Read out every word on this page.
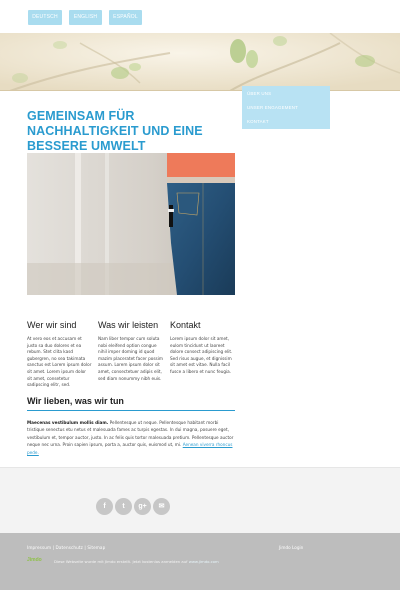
DEUTSCH	ENGLISH	ESPAÑOL
ÜBER UNS
UNSER ENGAGEMENT
KONTAKT
GEMEINSAM FÜR NACHHALTIGKEIT UND EINE BESSERE UMWELT
Wer wir sind

At vero eos et accusam et justo sa duo dolores et ea rebum. Stet clita kasd gubergren, no sea takimata sanctus est Lorem ipsum dolor sit amet. Lorem ipsum dolor sit amet, consetetur sadipscing elitr, sed.

Was wir leisten

Nam liber tempor cum soluta nobi eleifend option congue nihil imper doming id quod mazim placeratet facer possim assum. Lorem ipsum dolor sit amet, consectetuer adipis elit, sed diam nonummy nibh euis.

Kontakt

Lorem ipsum dolor sit amet, eulom tincidunt ut laoreet dolore consect adipiscing elit. Sed risus augue, et dignissim sit amet est vitae. Nulla facil fusce a libero et nunc feugia.

Wir lieben, was wir tun

Maecenas vestibulum mollis diam. Pellentesque ut neque. Pellentesque habitant morbi tristique senectus etu netus et malesuada fames ac turpis egestas. In dui magna, posuere eget, vestibulum et, tempor auctor, justo. In ac felis quis tortor malesuada pretium. Pellentesque auctor neque nec urna. Proin sapien ipsum, porta a, auctor quis, euismod ut, mi. Aenean viverra rhoncus pede.

f	t	g+	✉
Impressum | Datenschutz | Sitemap	Jimdo Login
Jimdo	Diese Webseite wurde mit Jimdo erstellt. Jetzt kostenlos anmelden auf www.jimdo.com
